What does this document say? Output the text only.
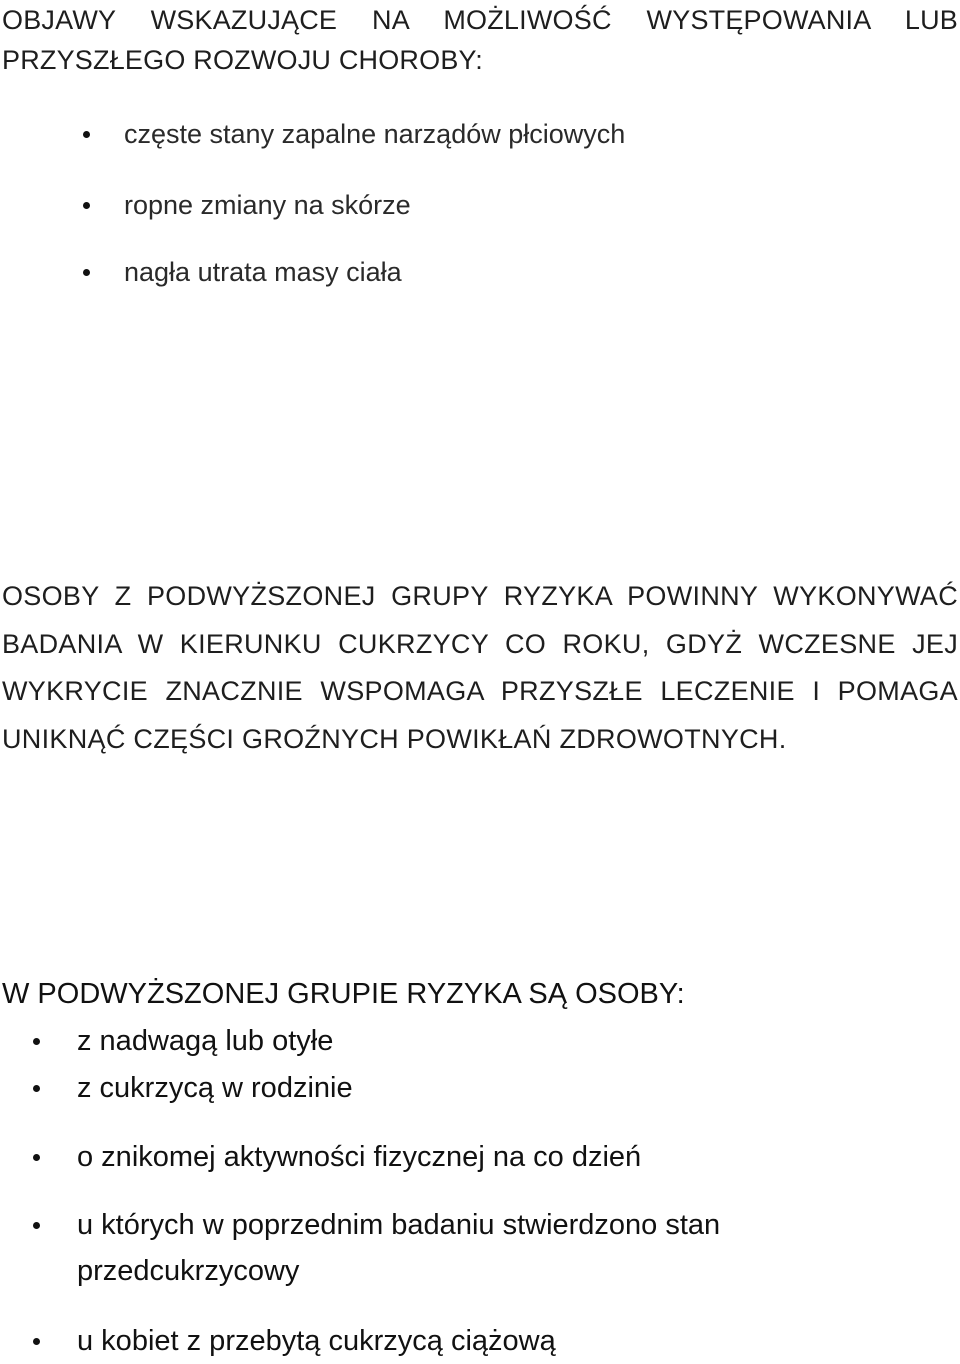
OBJAWY WSKAZUJĄCE NA MOŻLIWOŚĆ WYSTĘPOWANIA LUB PRZYSZŁEGO ROZWOJU CHOROBY:
częste stany zapalne narządów płciowych
ropne zmiany na skórze
nagła utrata masy ciała
OSOBY Z PODWYŻSZONEJ GRUPY RYZYKA POWINNY WYKONYWAĆ BADANIA W KIERUNKU CUKRZYCY CO ROKU, GDYŻ WCZESNE JEJ WYKRYCIE ZNACZNIE WSPOMAGA PRZYSZŁE LECZENIE I POMAGA UNIKNĄĆ CZĘŚCI GROŹNYCH POWIKŁAŃ ZDROWOTNYCH.
W PODWYŻSZONEJ GRUPIE RYZYKA SĄ OSOBY:
z nadwagą lub otyłe
z cukrzycą w rodzinie
o znikomej aktywności fizycznej na co dzień
u których w poprzednim badaniu stwierdzono stan przedcukrzycowy
u kobiet z przebytą cukrzycą ciążową
